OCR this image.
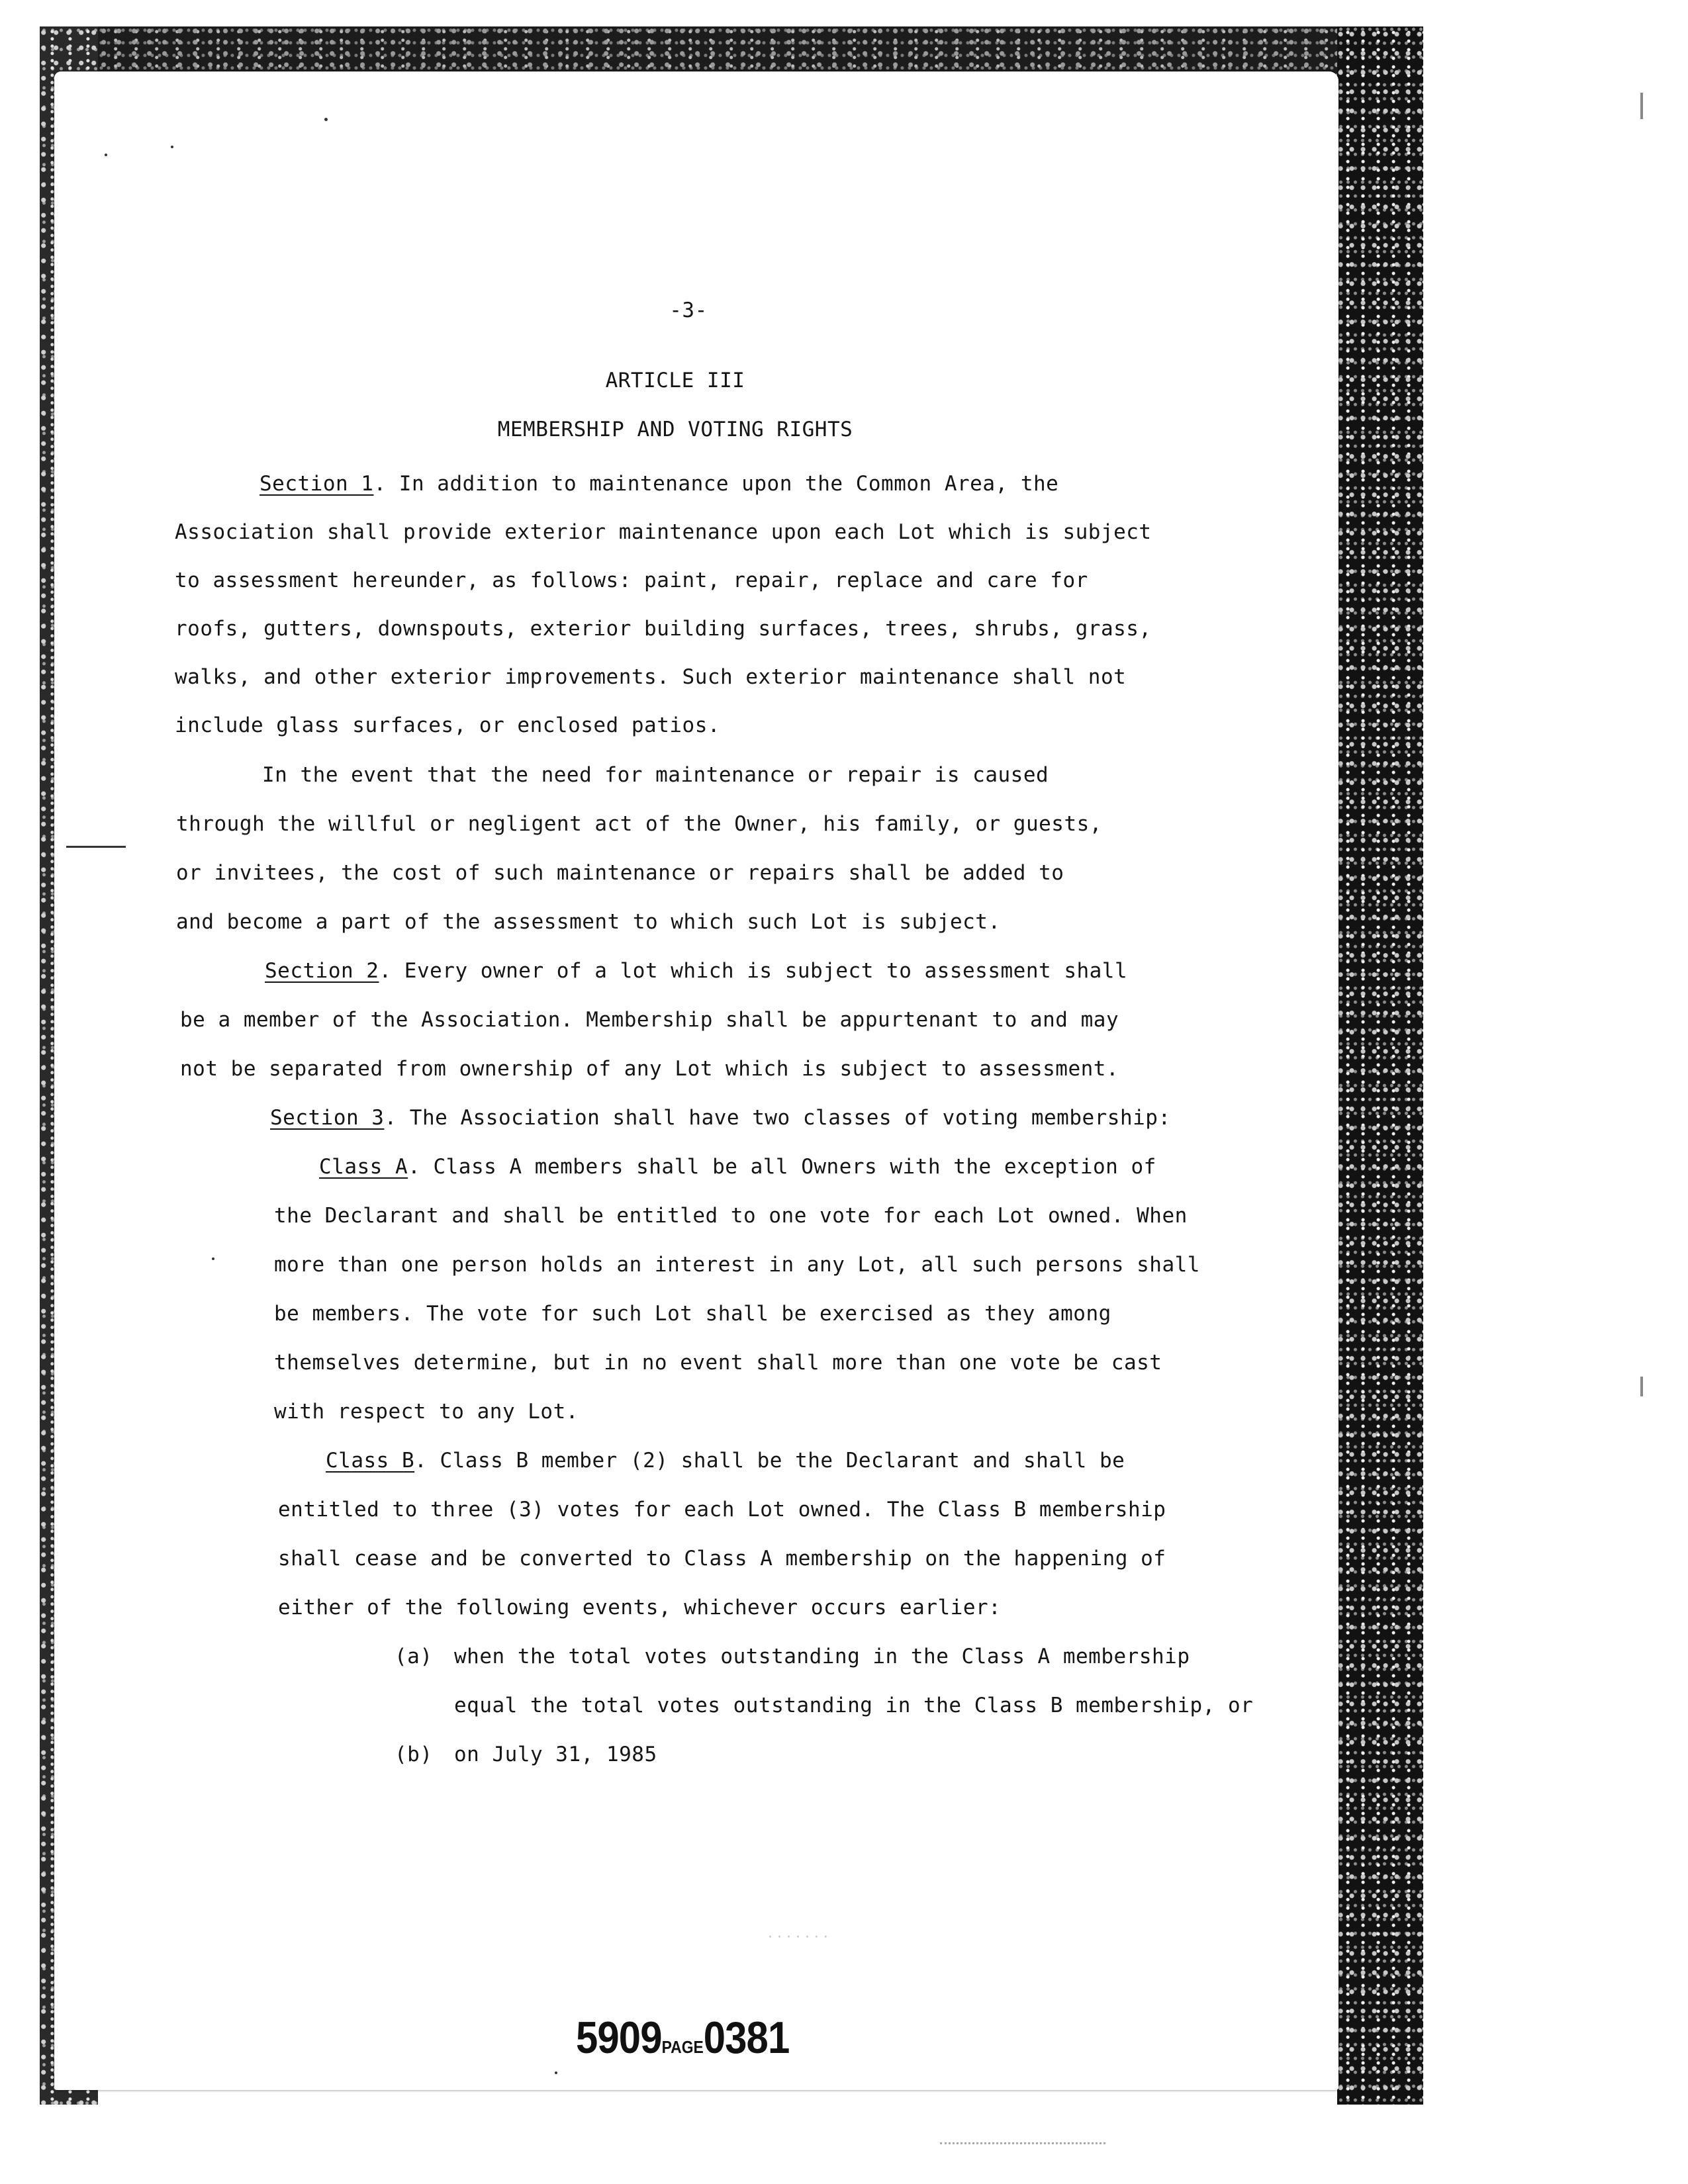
-3-
ARTICLE III
MEMBERSHIP AND VOTING RIGHTS
Section 1. In addition to maintenance upon the Common Area, the
Association shall provide exterior maintenance upon each Lot which is subject
to assessment hereunder, as follows: paint, repair, replace and care for
roofs, gutters, downspouts, exterior building surfaces, trees, shrubs, grass,
walks, and other exterior improvements. Such exterior maintenance shall not
include glass surfaces, or enclosed patios.
In the event that the need for maintenance or repair is caused
through the willful or negligent act of the Owner, his family, or guests,
or invitees, the cost of such maintenance or repairs shall be added to
and become a part of the assessment to which such Lot is subject.
Section 2. Every owner of a lot which is subject to assessment shall
be a member of the Association. Membership shall be appurtenant to and may
not be separated from ownership of any Lot which is subject to assessment.
Section 3. The Association shall have two classes of voting membership:
Class A. Class A members shall be all Owners with the exception of
the Declarant and shall be entitled to one vote for each Lot owned. When
more than one person holds an interest in any Lot, all such persons shall
be members. The vote for such Lot shall be exercised as they among
themselves determine, but in no event shall more than one vote be cast
with respect to any Lot.
Class B. Class B member (2) shall be the Declarant and shall be
entitled to three (3) votes for each Lot owned. The Class B membership
shall cease and be converted to Class A membership on the happening of
either of the following events, whichever occurs earlier:
(a) when the total votes outstanding in the Class A membership
equal the total votes outstanding in the Class B membership, or
(b) on July 31, 1985
· · · · · · ·
5909PAGE0381
